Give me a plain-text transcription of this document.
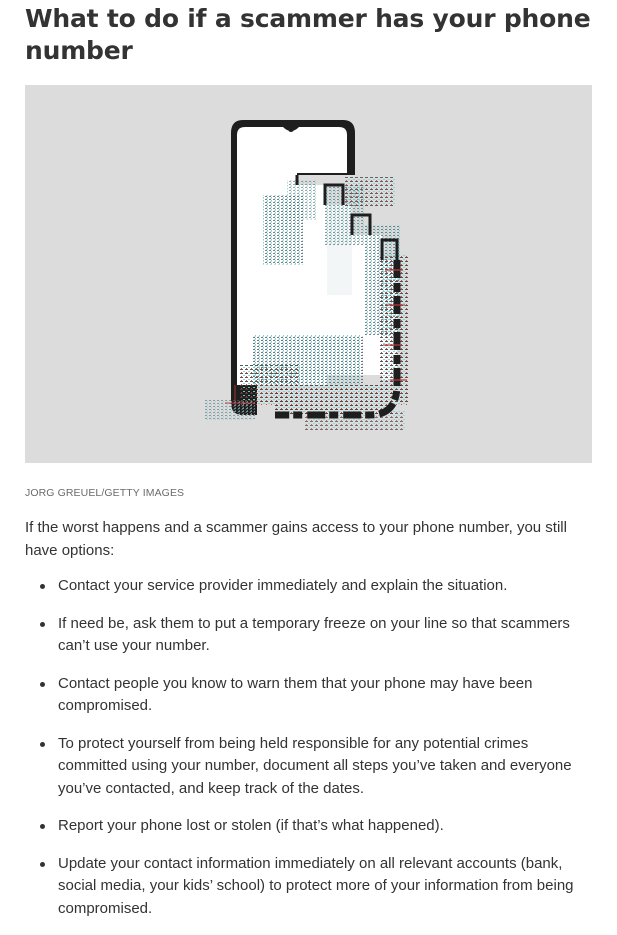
What to do if a scammer has your phone number

JORG GREUEL/GETTY IMAGES

If the worst happens and a scammer gains access to your phone number, you still have options:

Contact your service provider immediately and explain the situation.
If need be, ask them to put a temporary freeze on your line so that scammers can’t use your number.
Contact people you know to warn them that your phone may have been compromised.
To protect yourself from being held responsible for any potential crimes committed using your number, document all steps you’ve taken and everyone you’ve contacted, and keep track of the dates.
Report your phone lost or stolen (if that’s what happened).
Update your contact information immediately on all relevant accounts (bank, social media, your kids’ school) to protect more of your information from being compromised.
